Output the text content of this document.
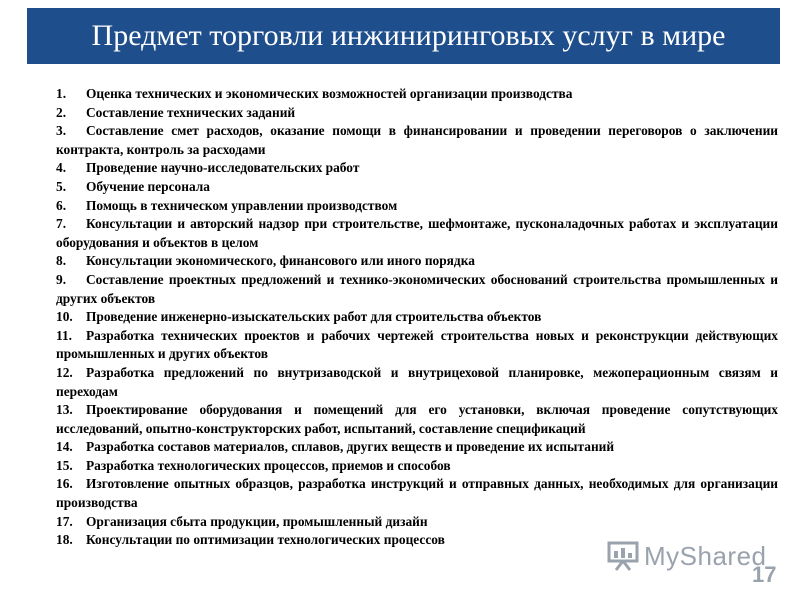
Предмет торговли инжиниринговых услуг в мире
1. Оценка технических и экономических возможностей организации производства
2. Составление технических заданий
3. Составление смет расходов, оказание помощи в финансировании и проведении переговоров о заключении контракта, контроль за расходами
4. Проведение научно-исследовательских работ
5. Обучение персонала
6. Помощь в техническом управлении производством
7. Консультации и авторский надзор при строительстве, шефмонтаже, пусконаладочных работах и эксплуатации оборудования и объектов в целом
8. Консультации экономического, финансового или иного порядка
9. Составление проектных предложений и технико-экономических обоснований строительства промышленных и других объектов
10. Проведение инженерно-изыскательских работ для строительства объектов
11. Разработка технических проектов и рабочих чертежей строительства новых и реконструкции действующих промышленных и других объектов
12. Разработка предложений по внутризаводской и внутрицеховой планировке, межоперационным связям и переходам
13. Проектирование оборудования и помещений для его установки, включая проведение сопутствующих исследований, опытно-конструкторских работ, испытаний, составление спецификаций
14. Разработка составов материалов, сплавов, других веществ и проведение их испытаний
15. Разработка технологических процессов, приемов и способов
16. Изготовление опытных образцов, разработка инструкций и отправных данных, необходимых для организации производства
17. Организация сбыта продукции, промышленный дизайн
18. Консультации по оптимизации технологических процессов
MyShared
17
